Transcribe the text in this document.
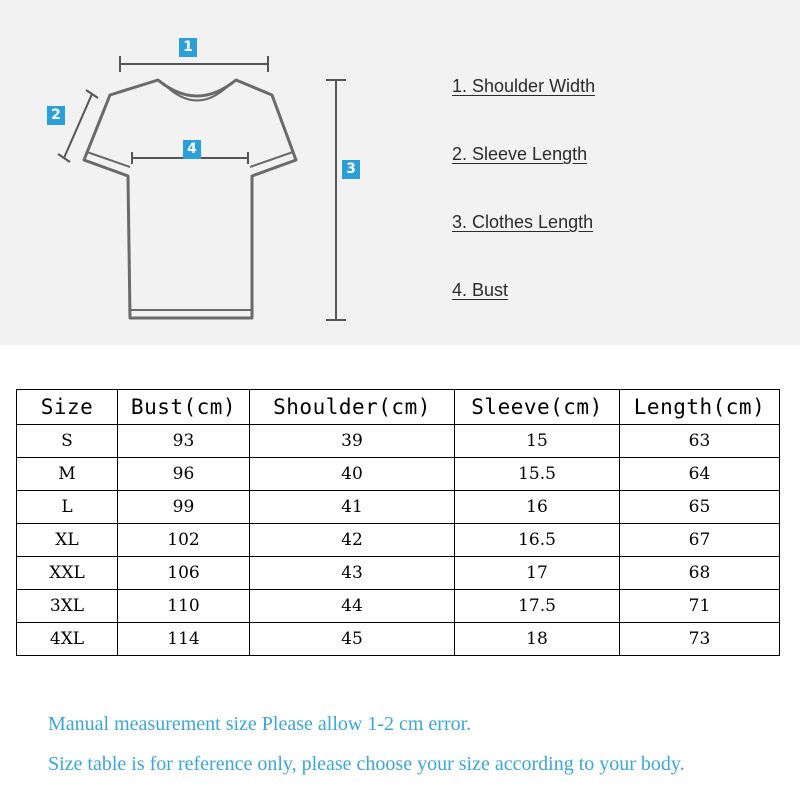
1
2
3
4
1. Shoulder Width
2. Sleeve Length
3. Clothes Length
4. Bust
Size	Bust(cm)	Shoulder(cm)	Sleeve(cm)	Length(cm)
S	93	39	15	63
M	96	40	15.5	64
L	99	41	16	65
XL	102	42	16.5	67
XXL	106	43	17	68
3XL	110	44	17.5	71
4XL	114	45	18	73
Manual measurement size Please allow 1-2 cm error.
Size table is for reference only, please choose your size according to your body.
